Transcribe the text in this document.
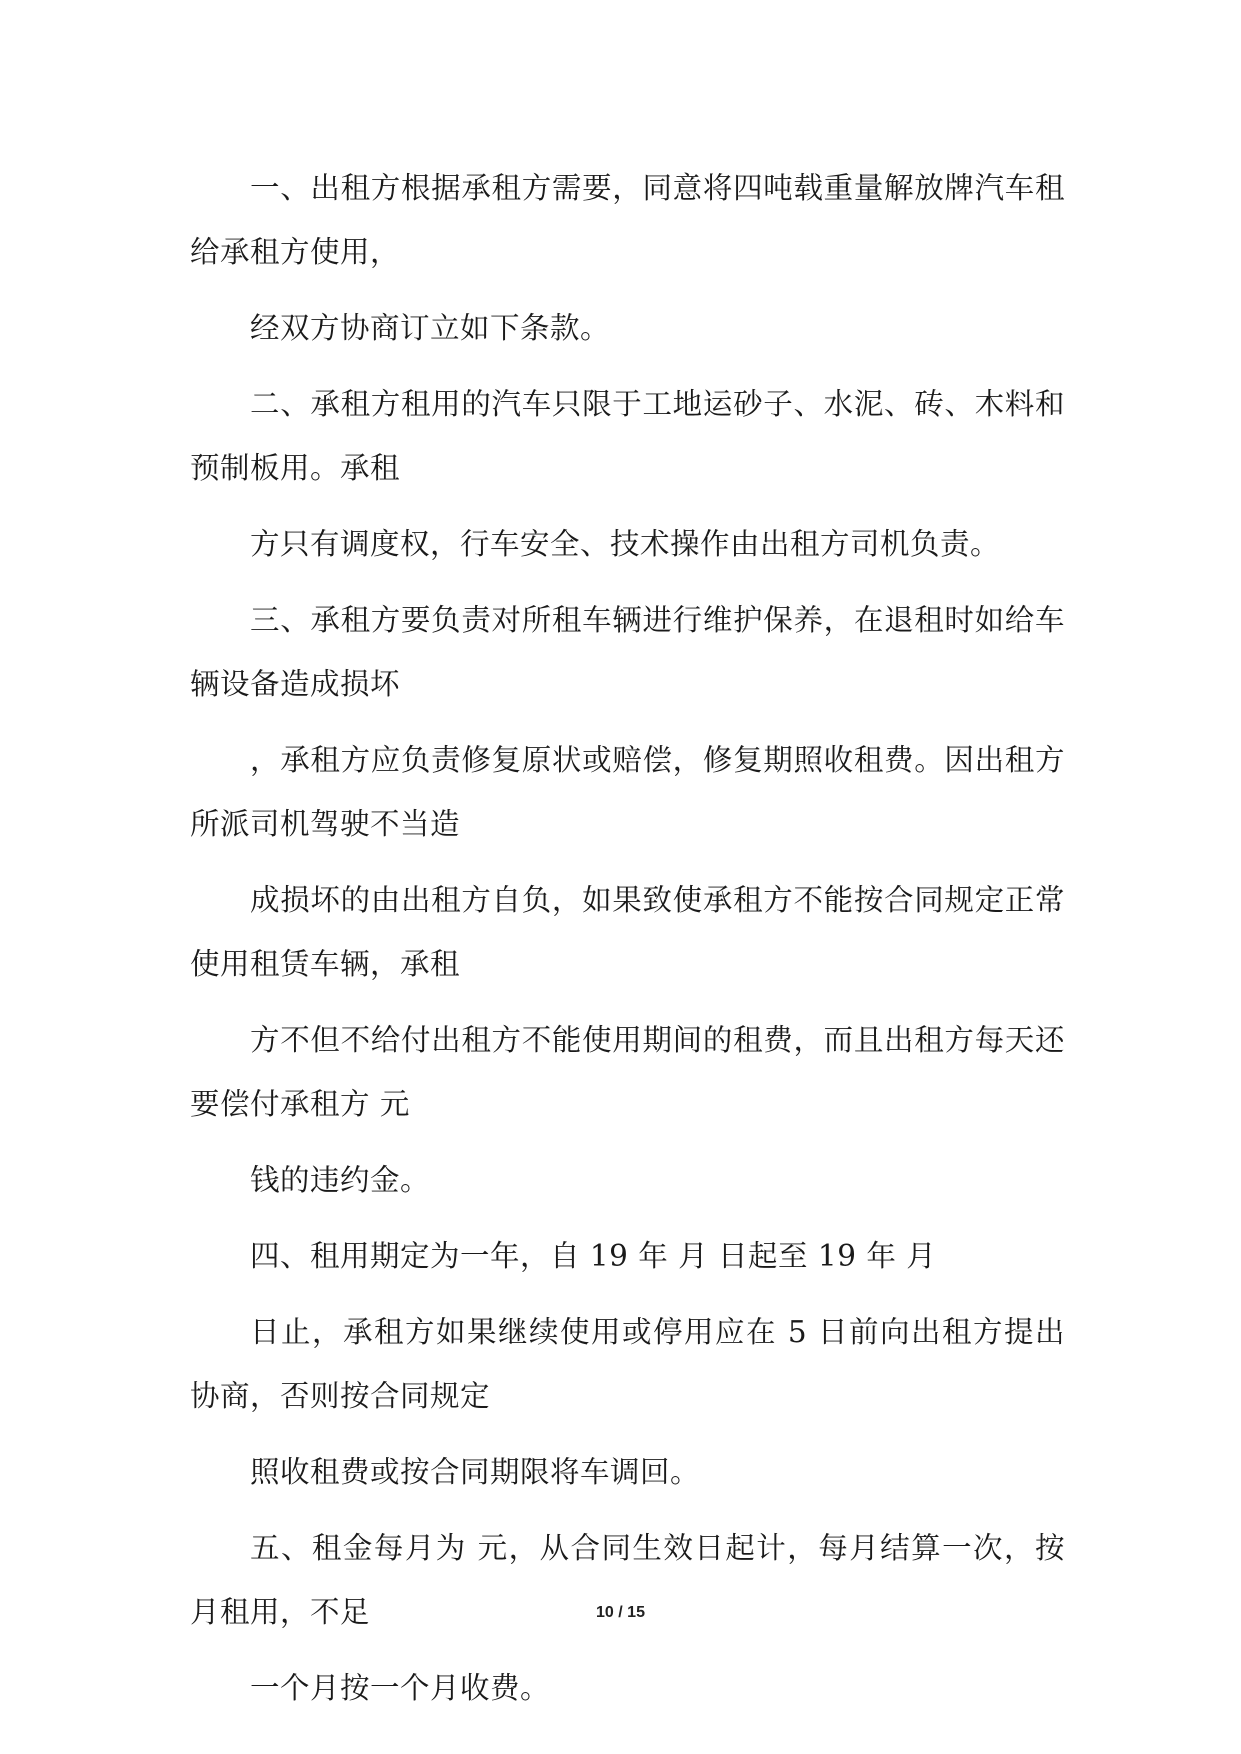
一、出租方根据承租方需要，同意将四吨载重量解放牌汽车租给承租方使用，

经双方协商订立如下条款。

二、承租方租用的汽车只限于工地运砂子、水泥、砖、木料和预制板用。承租

方只有调度权，行车安全、技术操作由出租方司机负责。

三、承租方要负责对所租车辆进行维护保养，在退租时如给车辆设备造成损坏

，承租方应负责修复原状或赔偿，修复期照收租费。因出租方所派司机驾驶不当造

成损坏的由出租方自负，如果致使承租方不能按合同规定正常使用租赁车辆，承租

方不但不给付出租方不能使用期间的租费，而且出租方每天还要偿付承租方 元

钱的违约金。

四、租用期定为一年，自 19 年 月 日起至 19 年 月

日止，承租方如果继续使用或停用应在 5 日前向出租方提出协商，否则按合同规定

照收租费或按合同期限将车调回。

五、租金每月为 元，从合同生效日起计，每月结算一次，按月租用，不足

一个月按一个月收费。

10 / 15
